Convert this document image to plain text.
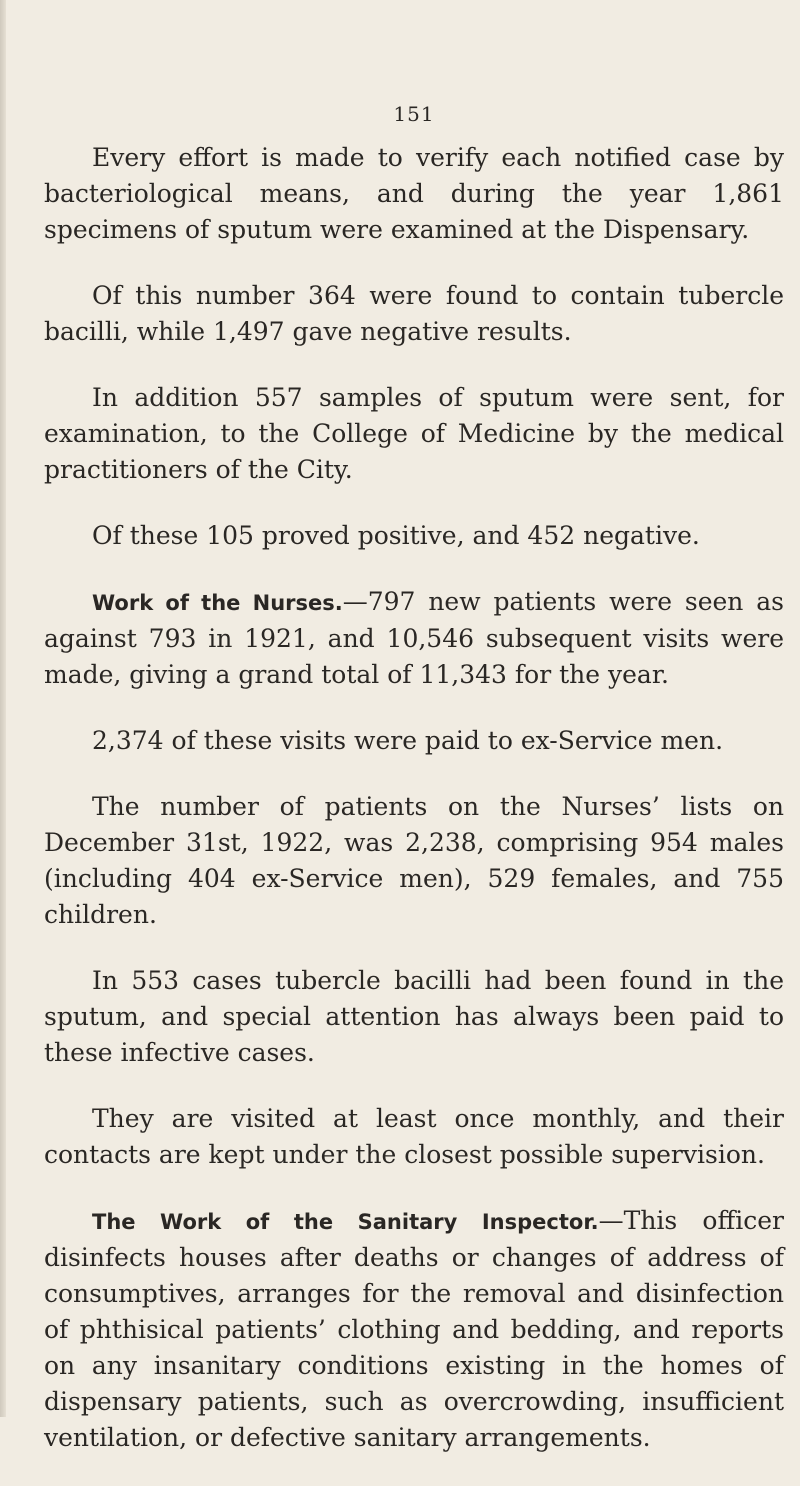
151

Every effort is made to verify each notified case by bacteriological means, and during the year 1,861 specimens of sputum were examined at the Dispensary.

Of this number 364 were found to contain tubercle bacilli, while 1,497 gave negative results.

In addition 557 samples of sputum were sent, for examination, to the College of Medicine by the medical practitioners of the City.

Of these 105 proved positive, and 452 negative.

Work of the Nurses.—797 new patients were seen as against 793 in 1921, and 10,546 subsequent visits were made, giving a grand total of 11,343 for the year.

2,374 of these visits were paid to ex-Service men.

The number of patients on the Nurses’ lists on December 31st, 1922, was 2,238, comprising 954 males (including 404 ex-Service men), 529 females, and 755 children.

In 553 cases tubercle bacilli had been found in the sputum, and special attention has always been paid to these infective cases.

They are visited at least once monthly, and their contacts are kept under the closest possible supervision.

The Work of the Sanitary Inspector.—This officer disinfects houses after deaths or changes of address of consumptives, arranges for the removal and disinfection of phthisical patients’ clothing and bedding, and reports on any insanitary conditions existing in the homes of dispensary patients, such as overcrowding, insufficient ventilation, or defective sanitary arrangements.
